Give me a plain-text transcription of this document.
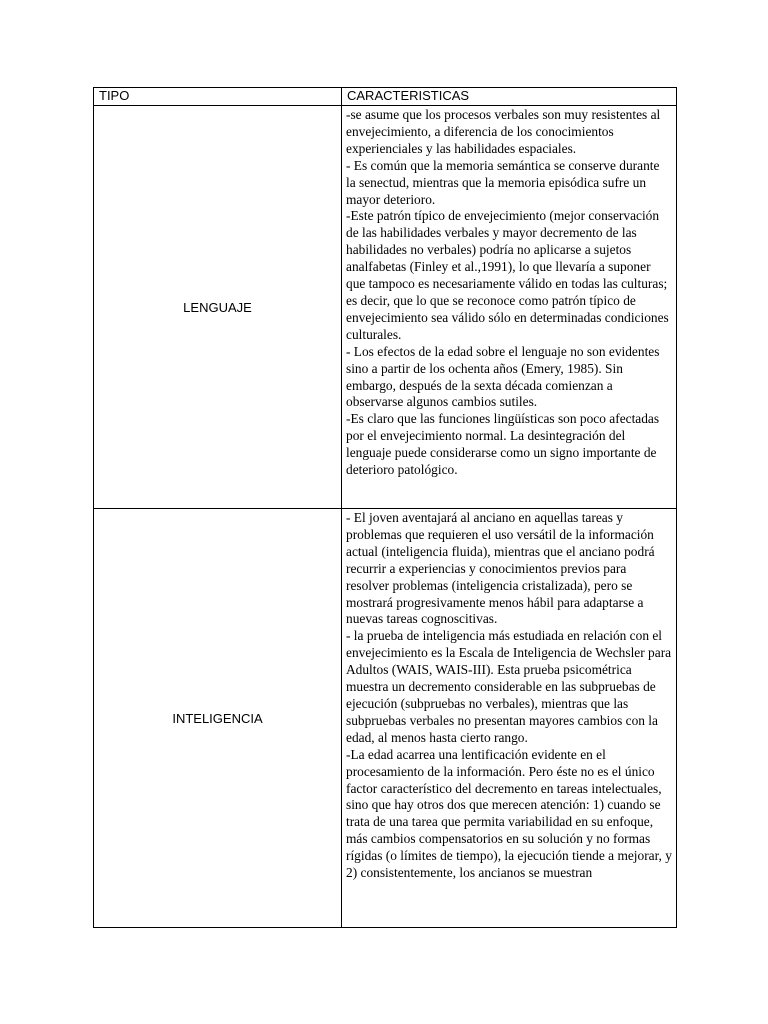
TIPO	CARACTERISTICAS
LENGUAJE	-se asume que los procesos verbales son muy resistentes al envejecimiento, a diferencia de los conocimientos experienciales y las habilidades espaciales.

- Es común que la memoria semántica se conserve durante la senectud, mientras que la memoria episódica sufre un mayor deterioro.

-Este patrón típico de envejecimiento (mejor conservación de las habilidades verbales y mayor decremento de las habilidades no verbales) podría no aplicarse a sujetos analfabetas (Finley et al.,1991), lo que llevaría a suponer que tampoco es necesariamente válido en todas las culturas; es decir, que lo que se reconoce como patrón típico de envejecimiento sea válido sólo en determinadas condiciones culturales.

- Los efectos de la edad sobre el lenguaje no son evidentes sino a partir de los ochenta años (Emery, 1985). Sin embargo, después de la sexta década comienzan a observarse algunos cambios sutiles.

-Es claro que las funciones lingüísticas son poco afectadas por el envejecimiento normal. La desintegración del lenguaje puede considerarse como un signo importante de deterioro patológico.

INTELIGENCIA	- El joven aventajará al anciano en aquellas tareas y problemas que requieren el uso versátil de la información actual (inteligencia fluida), mientras que el anciano podrá recurrir a experiencias y conocimientos previos para resolver problemas (inteligencia cristalizada), pero se mostrará progresivamente menos hábil para adaptarse a nuevas tareas cognoscitivas.

- la prueba de inteligencia más estudiada en relación con el envejecimiento es la Escala de Inteligencia de Wechsler para Adultos (WAIS, WAIS-III). Esta prueba psicométrica muestra un decremento considerable en las subpruebas de ejecución (subpruebas no verbales), mientras que las subpruebas verbales no presentan mayores cambios con la edad, al menos hasta cierto rango.

-La edad acarrea una lentificación evidente en el procesamiento de la información. Pero éste no es el único factor característico del decremento en tareas intelectuales, sino que hay otros dos que merecen atención: 1) cuando se trata de una tarea que permita variabilidad en su enfoque, más cambios compensatorios en su solución y no formas rígidas (o límites de tiempo), la ejecución tiende a mejorar, y 2) consistentemente, los ancianos se muestran
